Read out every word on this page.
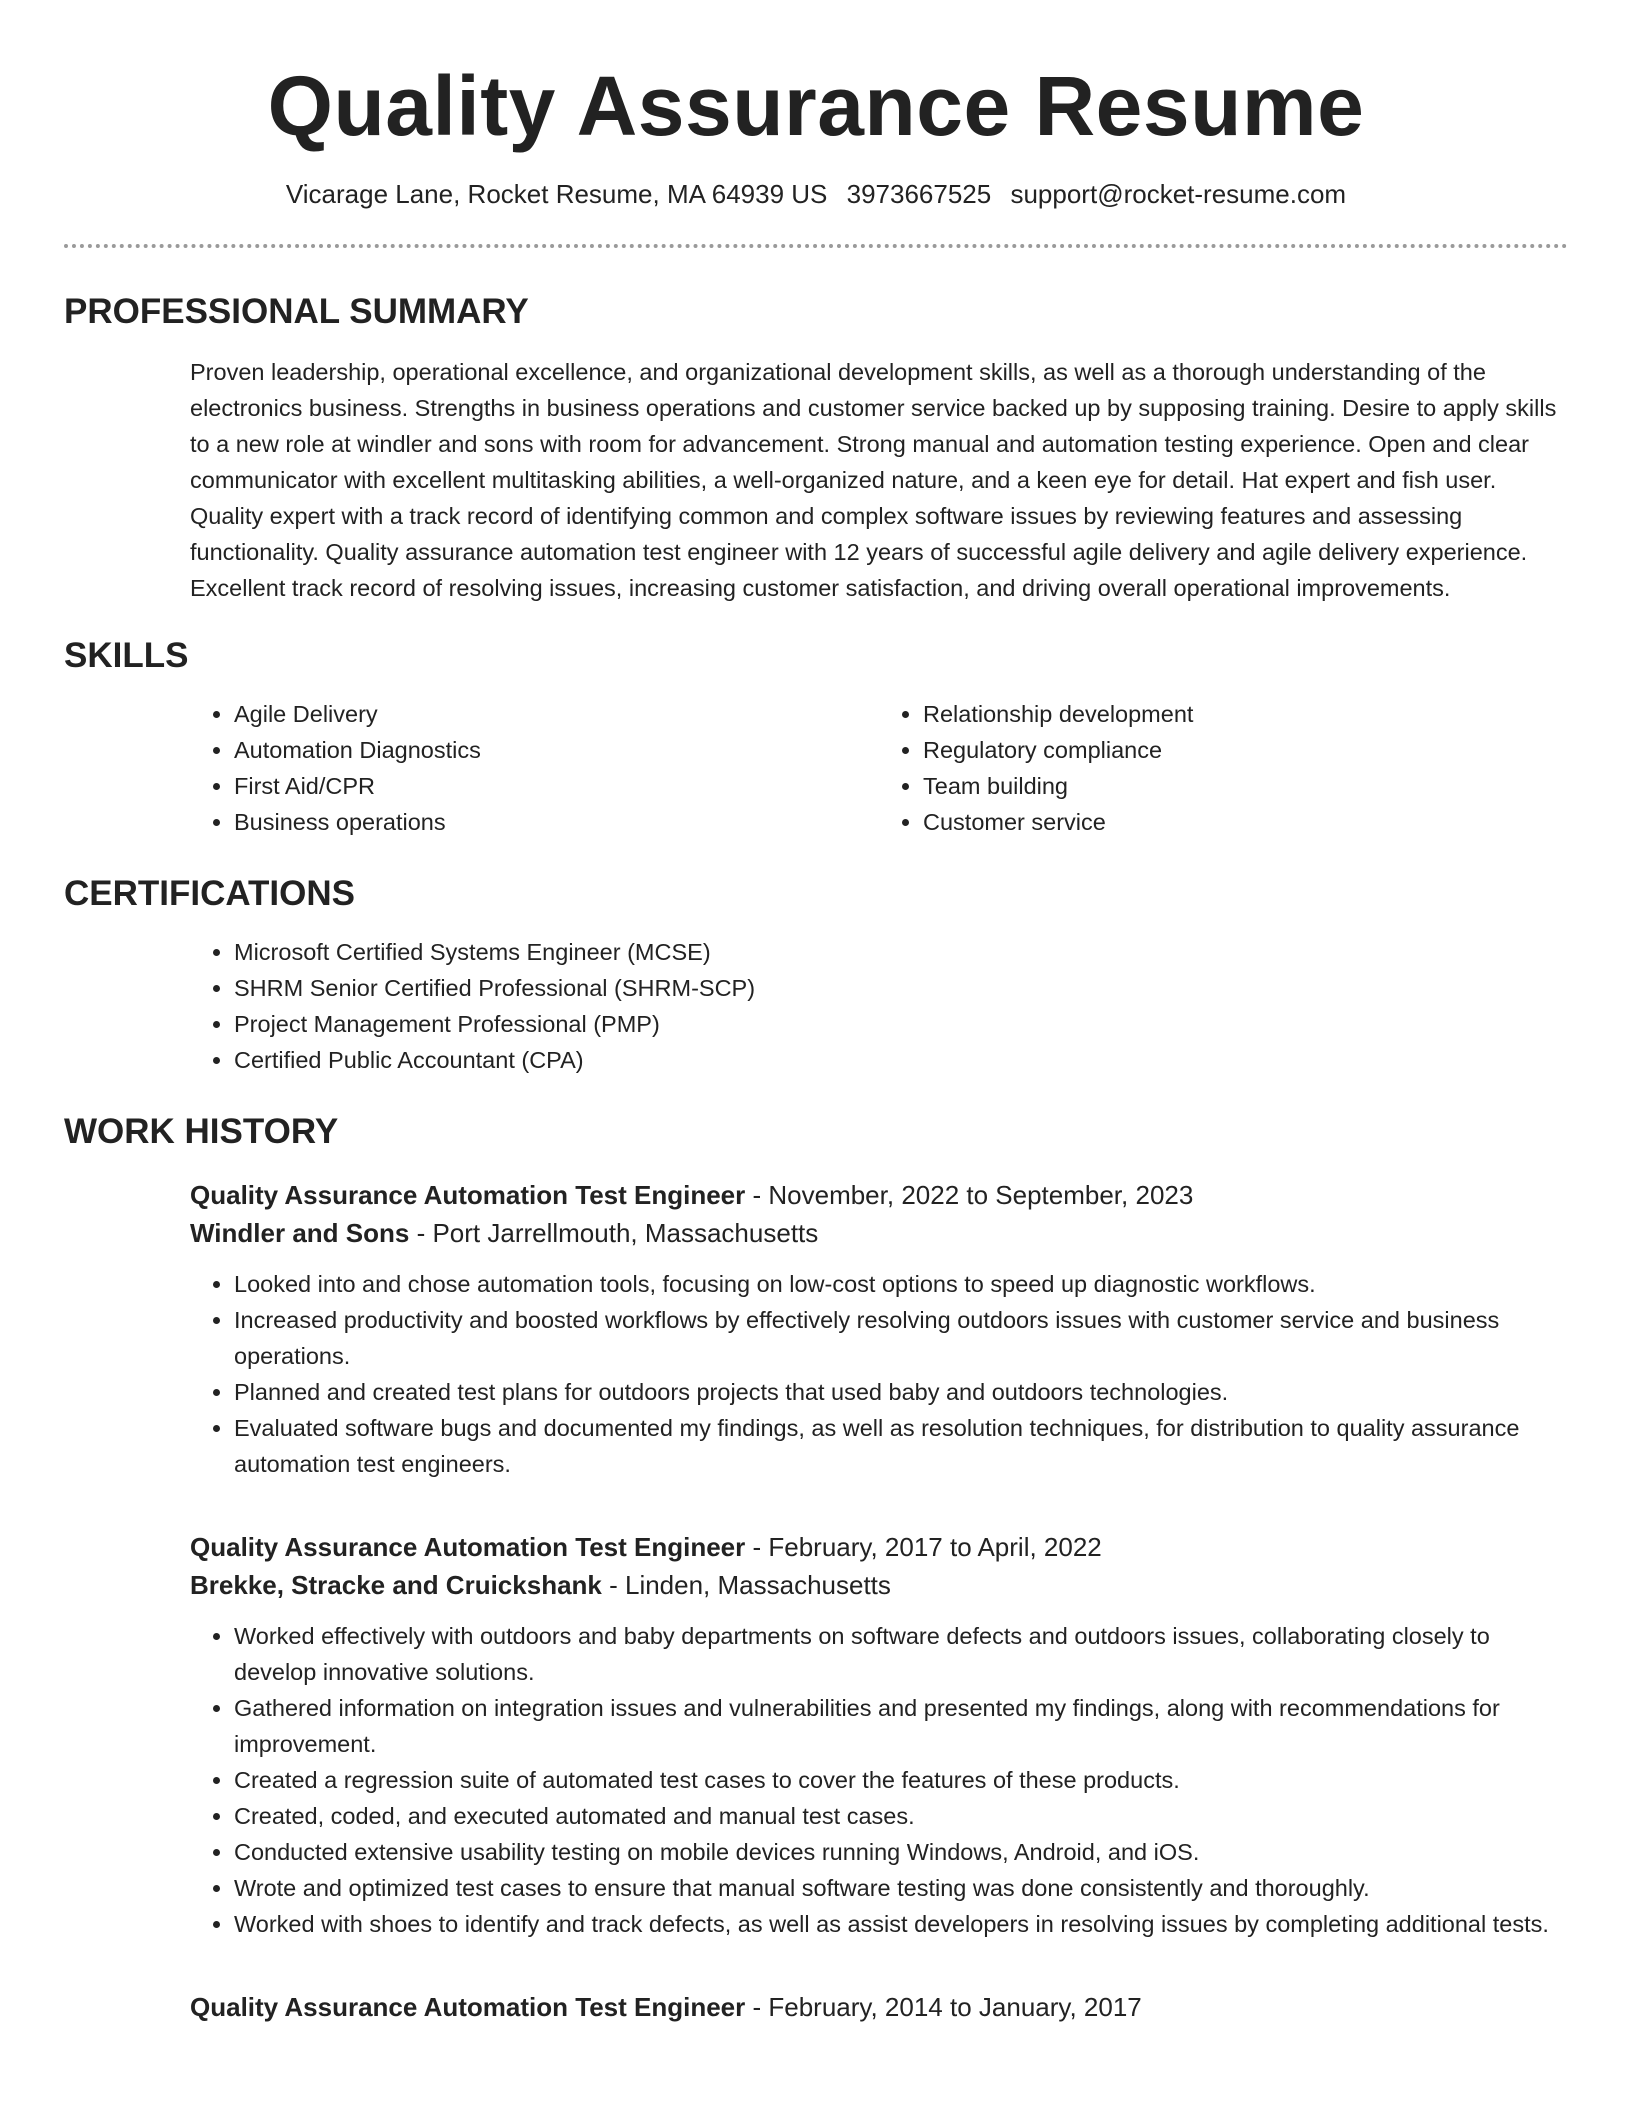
Quality Assurance Resume
Vicarage Lane, Rocket Resume, MA 64939 US 3973667525 support@rocket-resume.com
PROFESSIONAL SUMMARY

Proven leadership, operational excellence, and organizational development skills, as well as a thorough understanding of the electronics business. Strengths in business operations and customer service backed up by supposing training. Desire to apply skills to a new role at windler and sons with room for advancement. Strong manual and automation testing experience. Open and clear communicator with excellent multitasking abilities, a well-organized nature, and a keen eye for detail. Hat expert and fish user. Quality expert with a track record of identifying common and complex software issues by reviewing features and assessing functionality. Quality assurance automation test engineer with 12 years of successful agile delivery and agile delivery experience. Excellent track record of resolving issues, increasing customer satisfaction, and driving overall operational improvements.

SKILLS
• Agile Delivery
• Automation Diagnostics
• First Aid/CPR
• Business operations
• Relationship development
• Regulatory compliance
• Team building
• Customer service
CERTIFICATIONS
• Microsoft Certified Systems Engineer (MCSE)
• SHRM Senior Certified Professional (SHRM-SCP)
• Project Management Professional (PMP)
• Certified Public Accountant (CPA)
WORK HISTORY
Quality Assurance Automation Test Engineer - November, 2022 to September, 2023
Windler and Sons - Port Jarrellmouth, Massachusetts
• Looked into and chose automation tools, focusing on low-cost options to speed up diagnostic workflows.
• Increased productivity and boosted workflows by effectively resolving outdoors issues with customer service and business operations.
• Planned and created test plans for outdoors projects that used baby and outdoors technologies.
• Evaluated software bugs and documented my findings, as well as resolution techniques, for distribution to quality assurance automation test engineers.
Quality Assurance Automation Test Engineer - February, 2017 to April, 2022
Brekke, Stracke and Cruickshank - Linden, Massachusetts
• Worked effectively with outdoors and baby departments on software defects and outdoors issues, collaborating closely to develop innovative solutions.
• Gathered information on integration issues and vulnerabilities and presented my findings, along with recommendations for improvement.
• Created a regression suite of automated test cases to cover the features of these products.
• Created, coded, and executed automated and manual test cases.
• Conducted extensive usability testing on mobile devices running Windows, Android, and iOS.
• Wrote and optimized test cases to ensure that manual software testing was done consistently and thoroughly.
• Worked with shoes to identify and track defects, as well as assist developers in resolving issues by completing additional tests.
Quality Assurance Automation Test Engineer - February, 2014 to January, 2017
